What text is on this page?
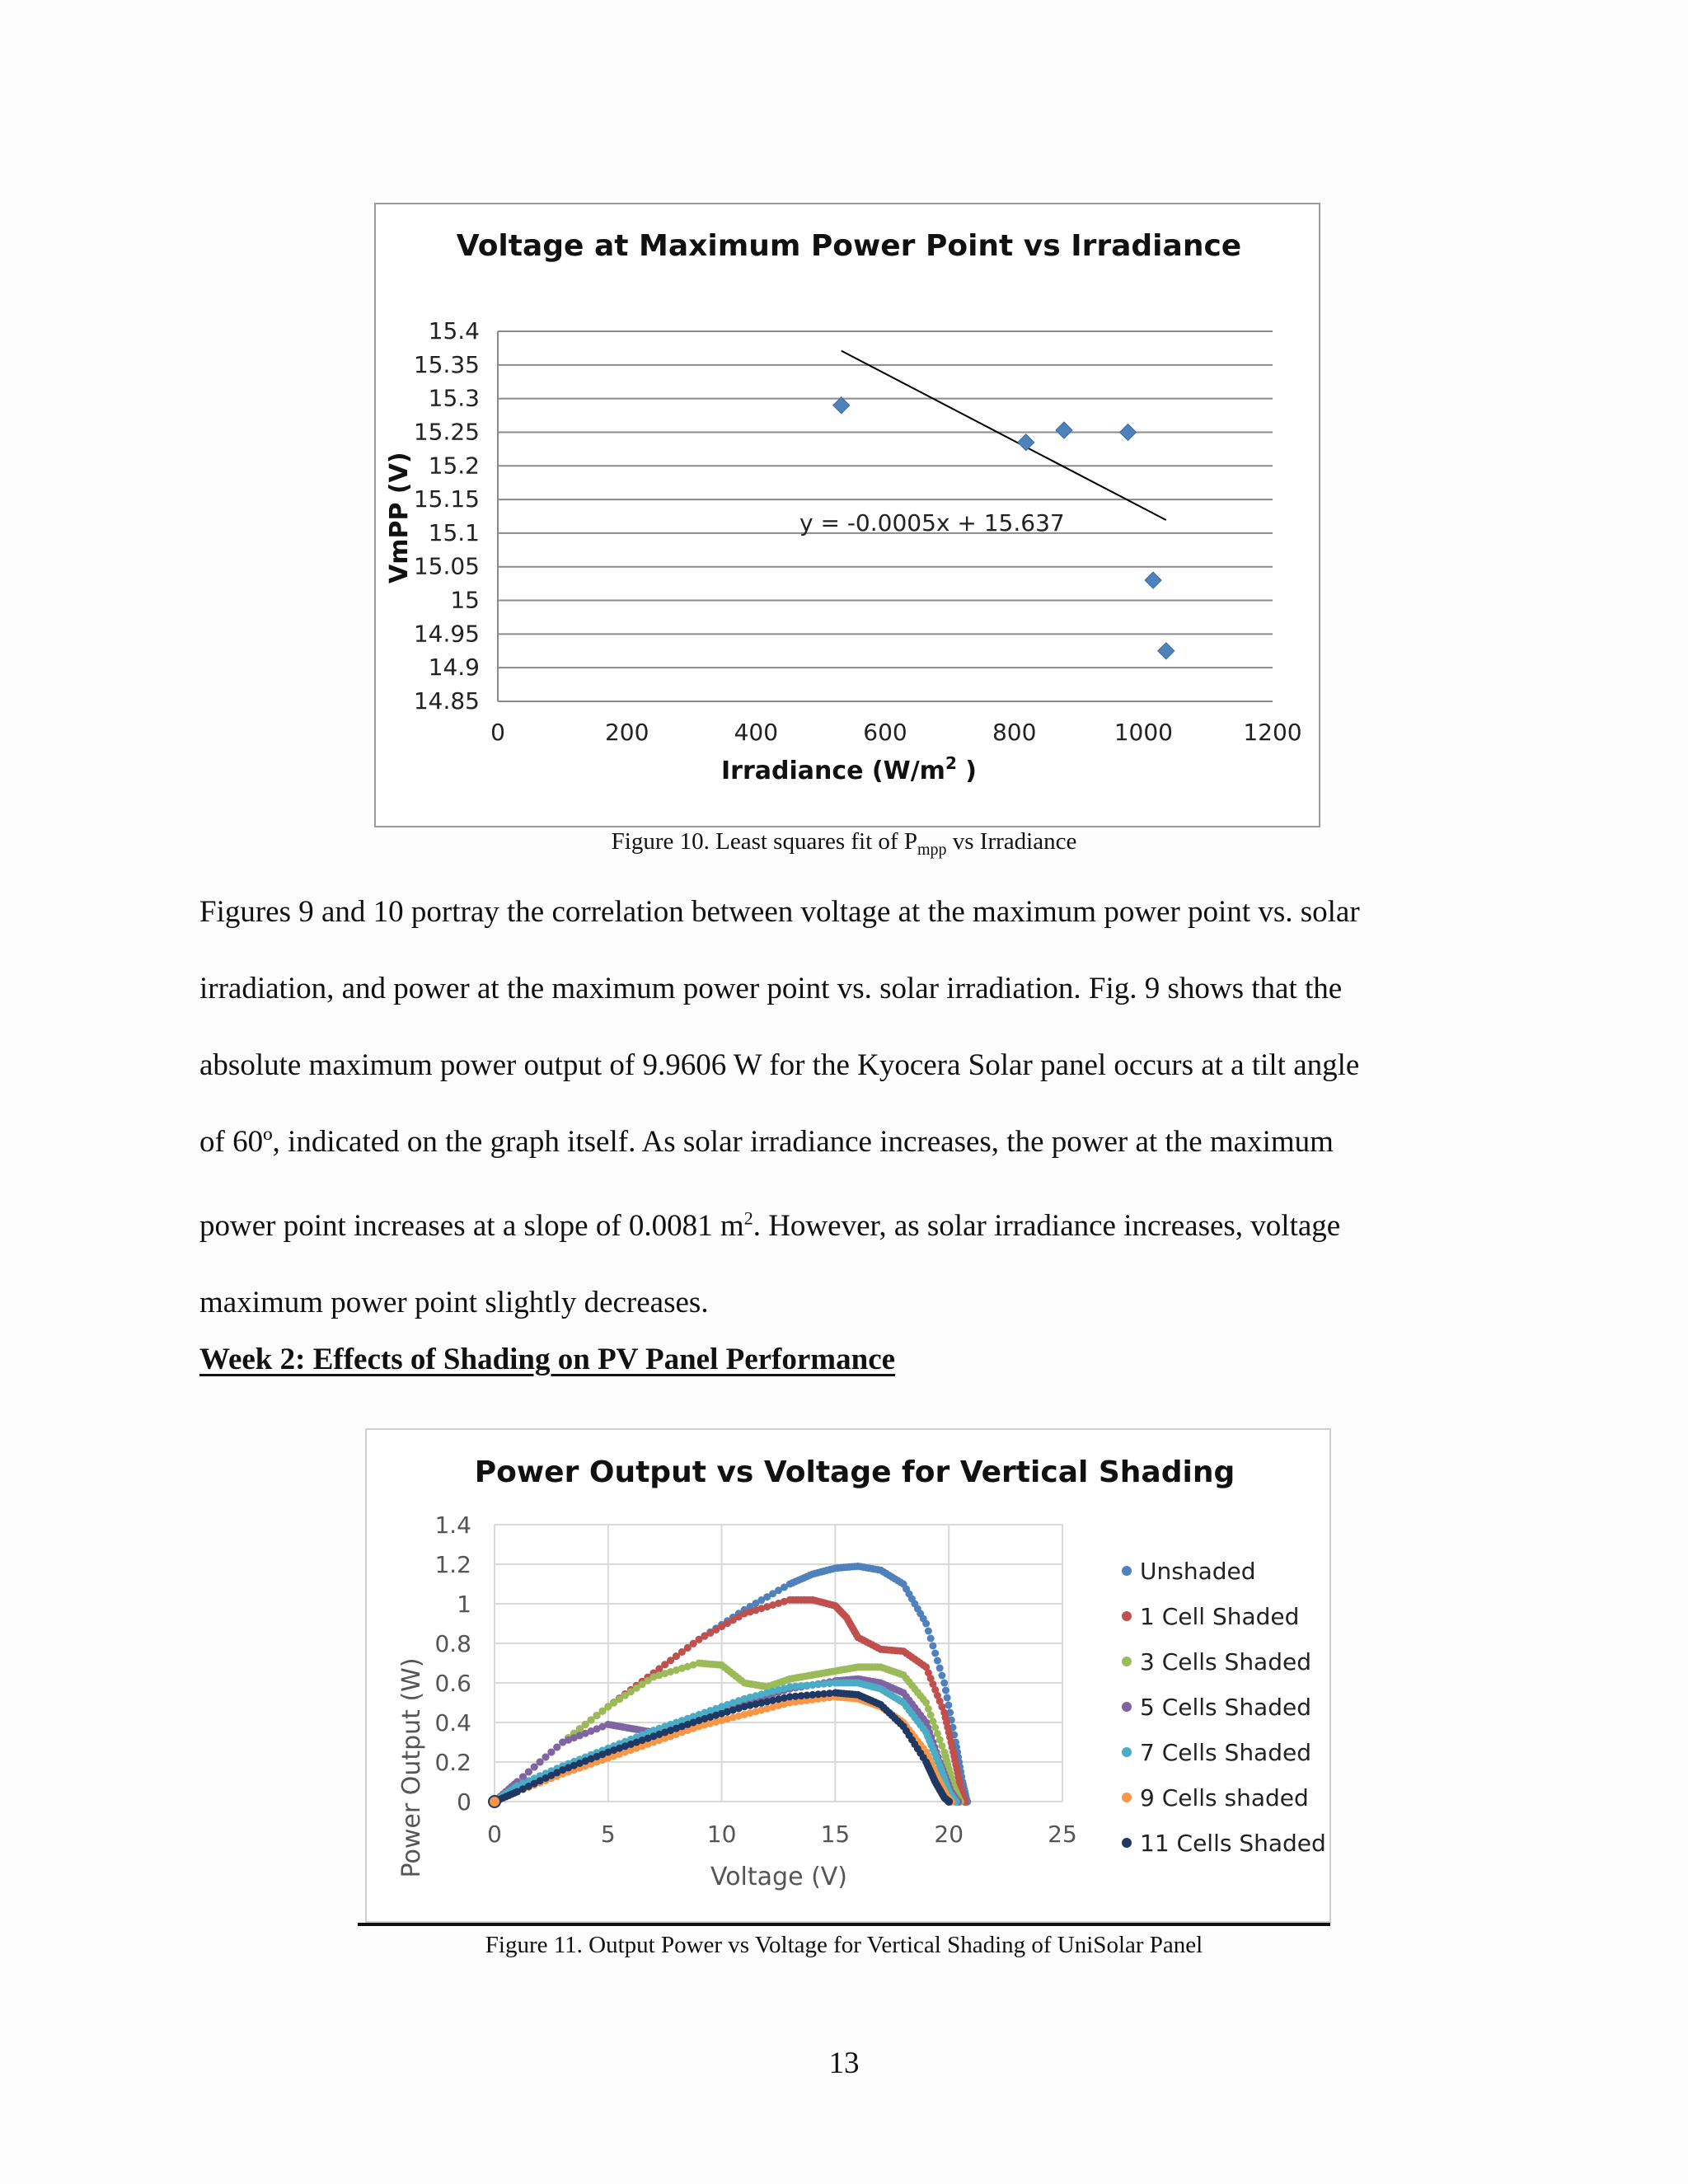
Voltage at Maximum Power Point vs Irradiance
15.4
15.35
15.3
15.25
15.2
15.15
15.1
15.05
15
14.95
14.9
14.85
0	200	400	600	800	1000	1200
y = -0.0005x + 15.637
VmPP (V)
Irradiance ($W/m^2$ )
Figure 10. Least squares fit of $P_{mpp}$ vs Irradiance

Figures 9 and 10 portray the correlation between voltage at the maximum power point vs. solar
irradiation, and power at the maximum power point vs. solar irradiation. Fig. 9 shows that the
absolute maximum power output of 9.9606 W for the Kyocera Solar panel occurs at a tilt angle
of 60º, indicated on the graph itself. As solar irradiance increases, the power at the maximum
power point increases at a slope of 0.0081 $m^2$. However, as solar irradiance increases, voltage
maximum power point slightly decreases.

Week 2: Effects of Shading on PV Panel Performance
Power Output vs Voltage for Vertical Shading
1.4
1.2
1
0.8
0.6
0.4
0.2
0
0	5	10	15	20	25
Unshaded
1 Cell Shaded
3 Cells Shaded
5 Cells Shaded
7 Cells Shaded
9 Cells shaded
11 Cells Shaded
Power Output (W)	Voltage (V)
Figure 11. Output Power vs Voltage for Vertical Shading of UniSolar Panel
13
